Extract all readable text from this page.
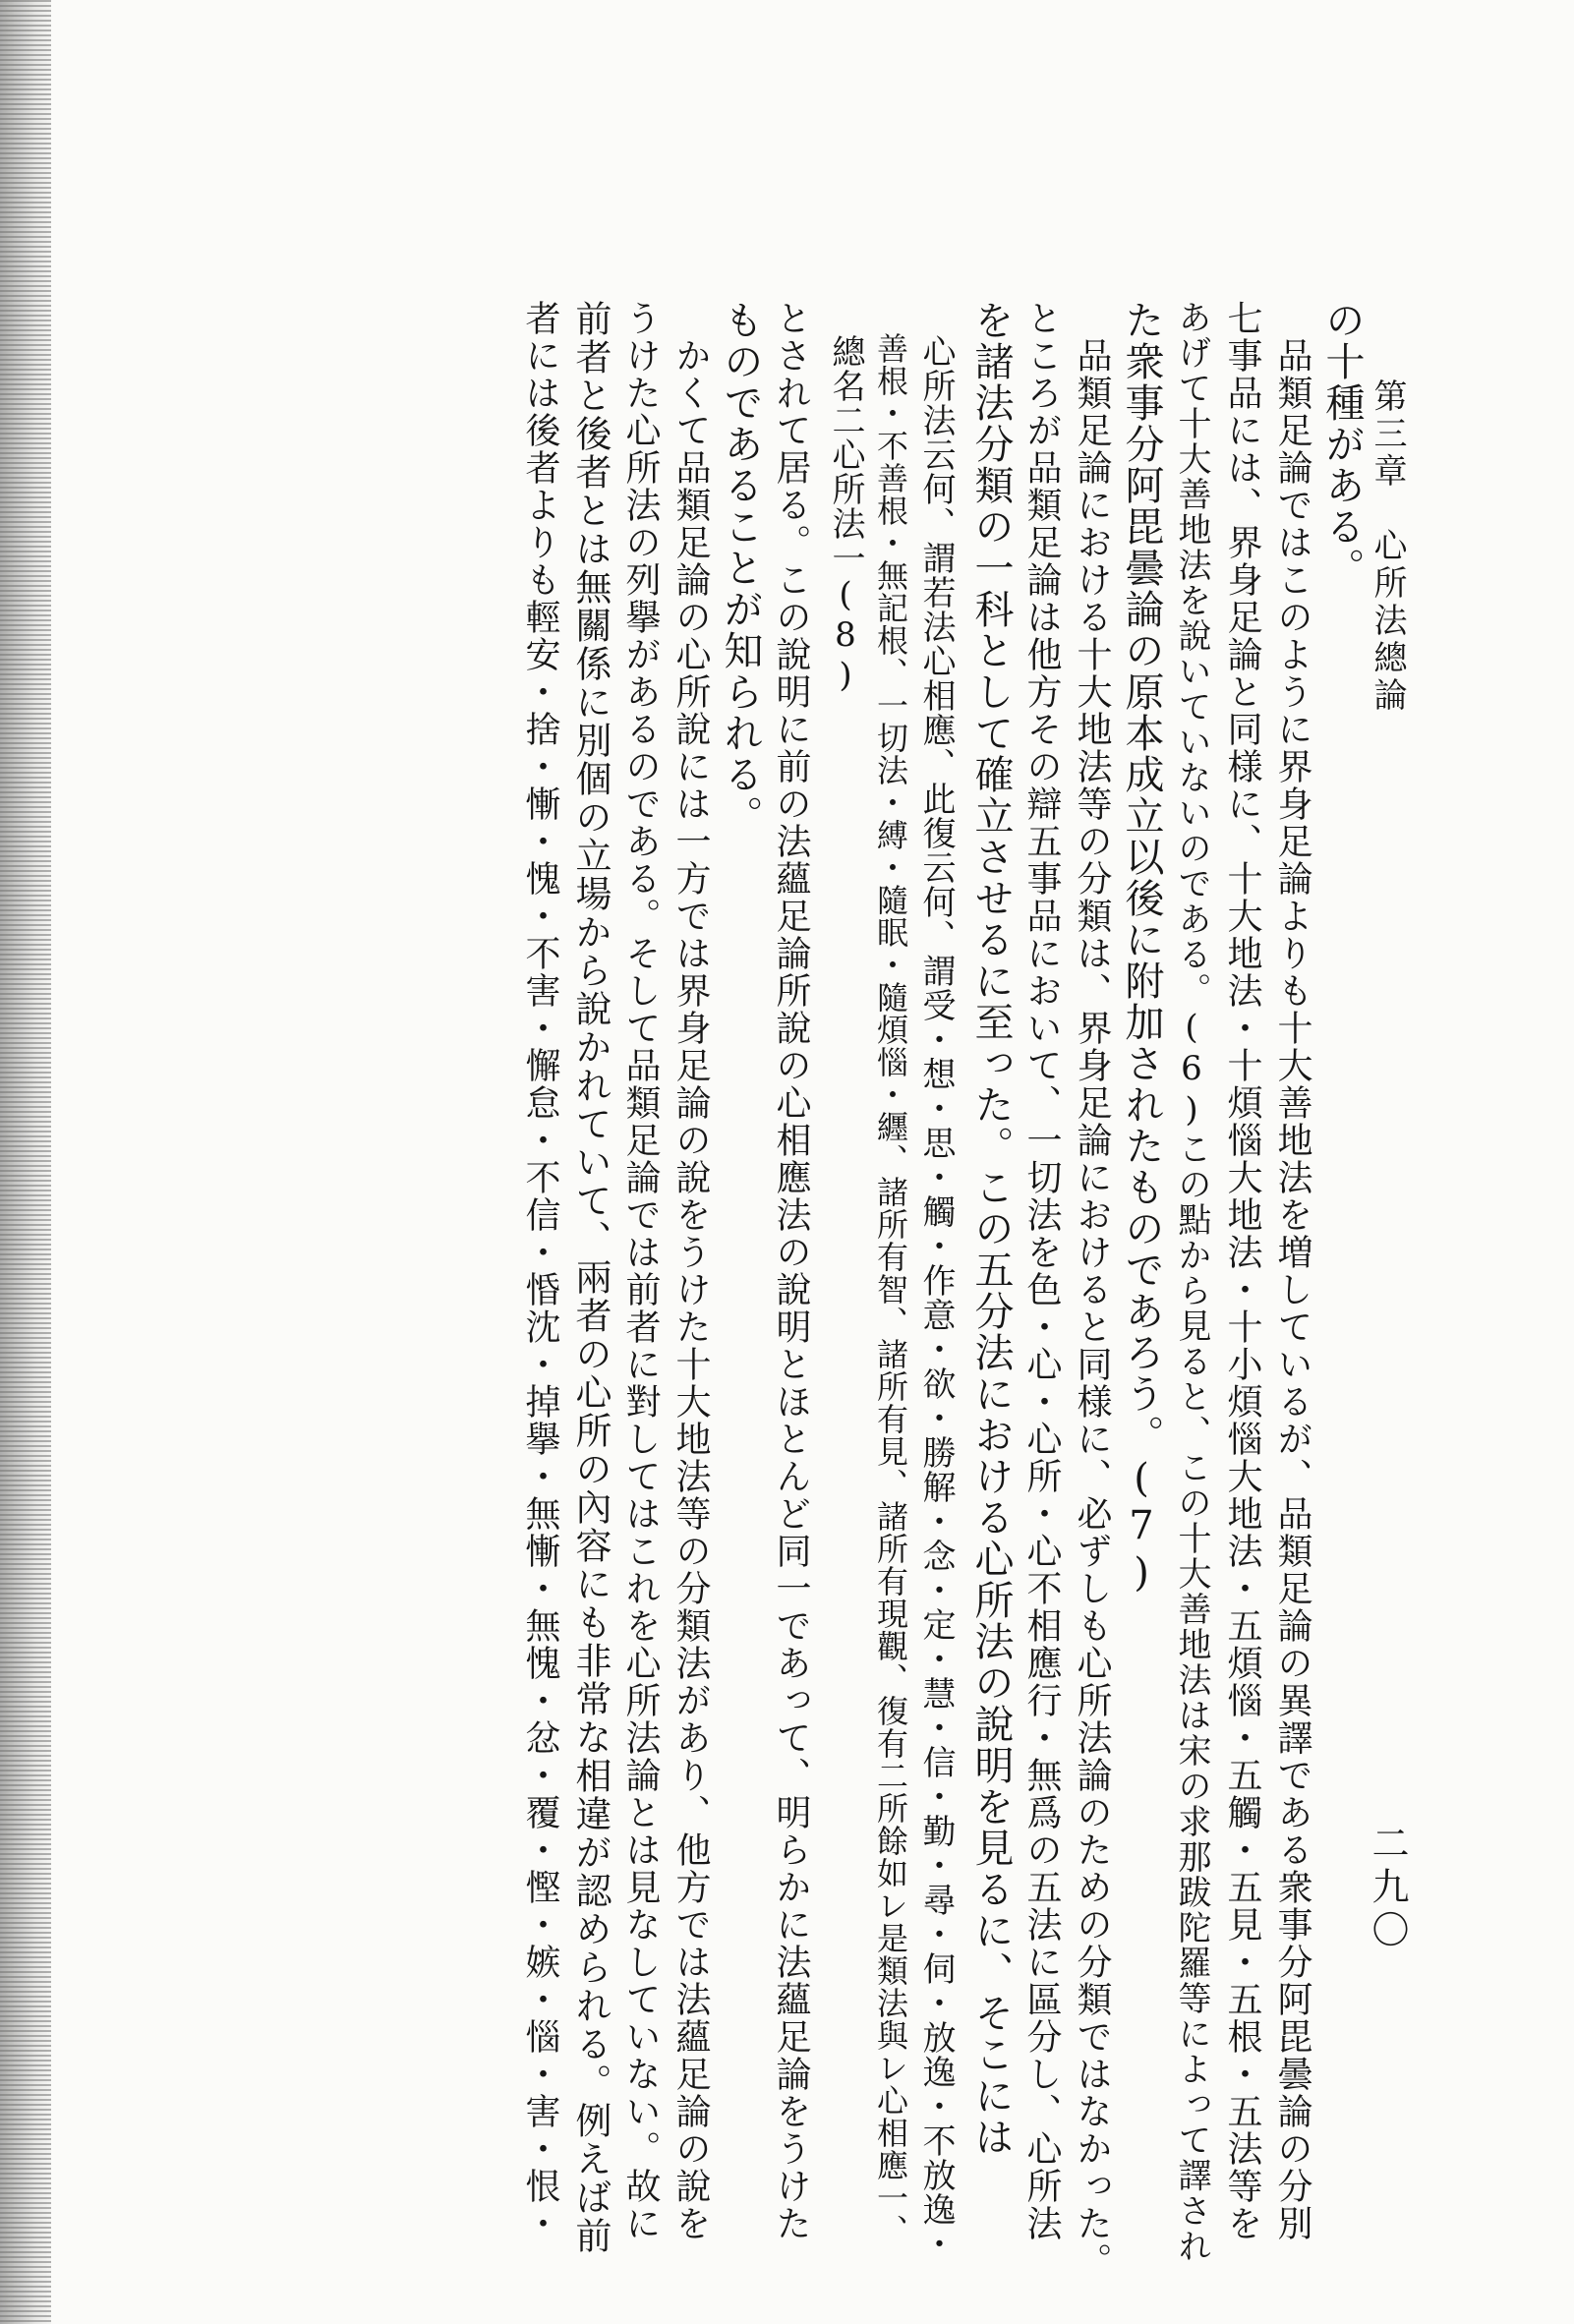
第三章　心所法總論
二九〇
の十種がある。
　品類足論ではこのように界身足論よりも十大善地法を増しているが、品類足論の異譯である衆事分阿毘曇論の分別
七事品には、界身足論と同様に、十大地法・十煩惱大地法・十小煩惱大地法・五煩惱・五觸・五見・五根・五法等を
あげて十大善地法を說いていないのである。(6)この點から見ると、この十大善地法は宋の求那跋陀羅等によって譯され
た衆事分阿毘曇論の原本成立以後に附加されたものであろう。(7)
　品類足論における十大地法等の分類は、界身足論におけると同様に、必ずしも心所法論のための分類ではなかった。
ところが品類足論は他方その辯五事品において、一切法を色・心・心所・心不相應行・無爲の五法に區分し、心所法
を諸法分類の一科として確立させるに至った。この五分法における心所法の說明を見るに、そこには
　心所法云何、謂若法心相應、此復云何、謂受・想・思・觸・作意・欲・勝解・念・定・慧・信・勤・尋・伺・放逸・不放逸・
　善根・不善根・無記根、一切法・縛・隨眠・隨煩惱・纒、諸所有智、諸所有見、諸所有現觀、復有二所餘如レ是類法與レ心相應一、
　總名二心所法一(8)
とされて居る。この說明に前の法蘊足論所說の心相應法の說明とほとんど同一であって、明らかに法蘊足論をうけた
ものであることが知られる。
　かくて品類足論の心所說には一方では界身足論の說をうけた十大地法等の分類法があり、他方では法蘊足論の說を
うけた心所法の列擧があるのである。そして品類足論では前者に對してはこれを心所法論とは見なしていない。故に
前者と後者とは無關係に別個の立場から說かれていて、兩者の心所の內容にも非常な相違が認められる。例えば前
者には後者よりも輕安・捨・慚・愧・不害・懈怠・不信・惛沈・掉擧・無慚・無愧・忿・覆・慳・嫉・惱・害・恨・
